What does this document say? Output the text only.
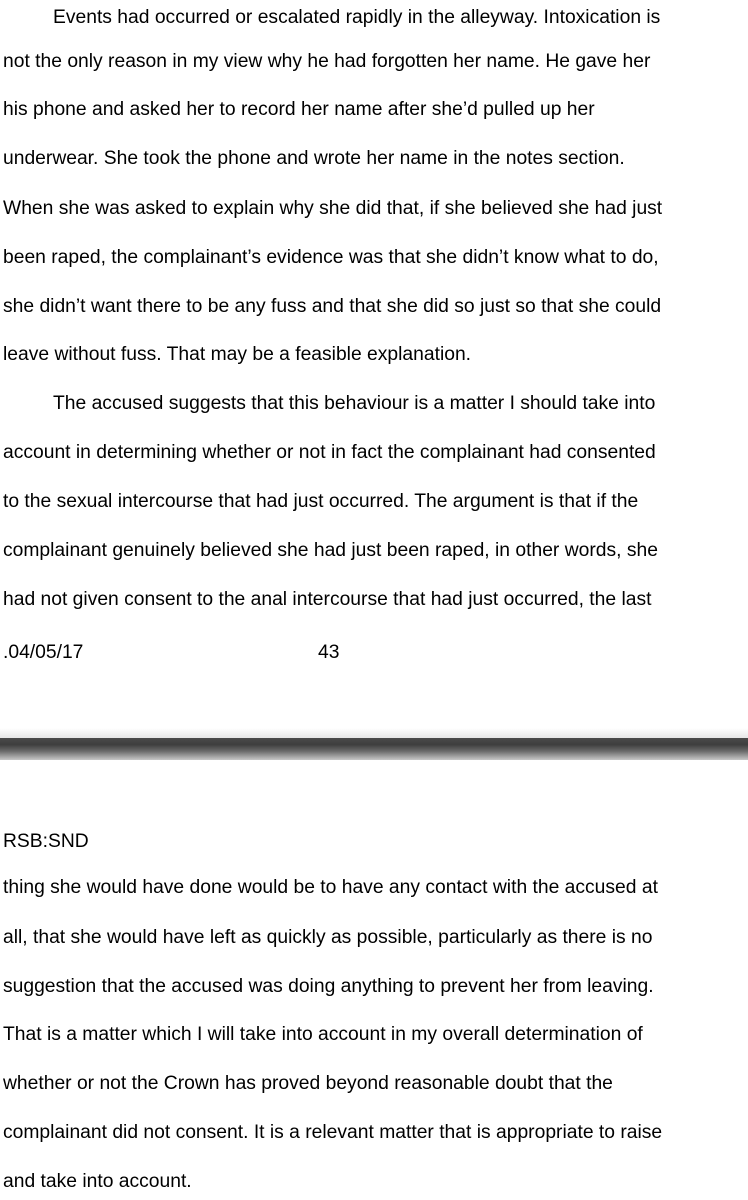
Events had occurred or escalated rapidly in the alleyway. Intoxication is
not the only reason in my view why he had forgotten her name. He gave her
his phone and asked her to record her name after she’d pulled up her
underwear. She took the phone and wrote her name in the notes section.
When she was asked to explain why she did that, if she believed she had just
been raped, the complainant’s evidence was that she didn’t know what to do,
she didn’t want there to be any fuss and that she did so just so that she could
leave without fuss. That may be a feasible explanation.
The accused suggests that this behaviour is a matter I should take into
account in determining whether or not in fact the complainant had consented
to the sexual intercourse that had just occurred. The argument is that if the
complainant genuinely believed she had just been raped, in other words, she
had not given consent to the anal intercourse that had just occurred, the last
.04/05/17	43
RSB:SND
thing she would have done would be to have any contact with the accused at
all, that she would have left as quickly as possible, particularly as there is no
suggestion that the accused was doing anything to prevent her from leaving.
That is a matter which I will take into account in my overall determination of
whether or not the Crown has proved beyond reasonable doubt that the
complainant did not consent. It is a relevant matter that is appropriate to raise
and take into account.
